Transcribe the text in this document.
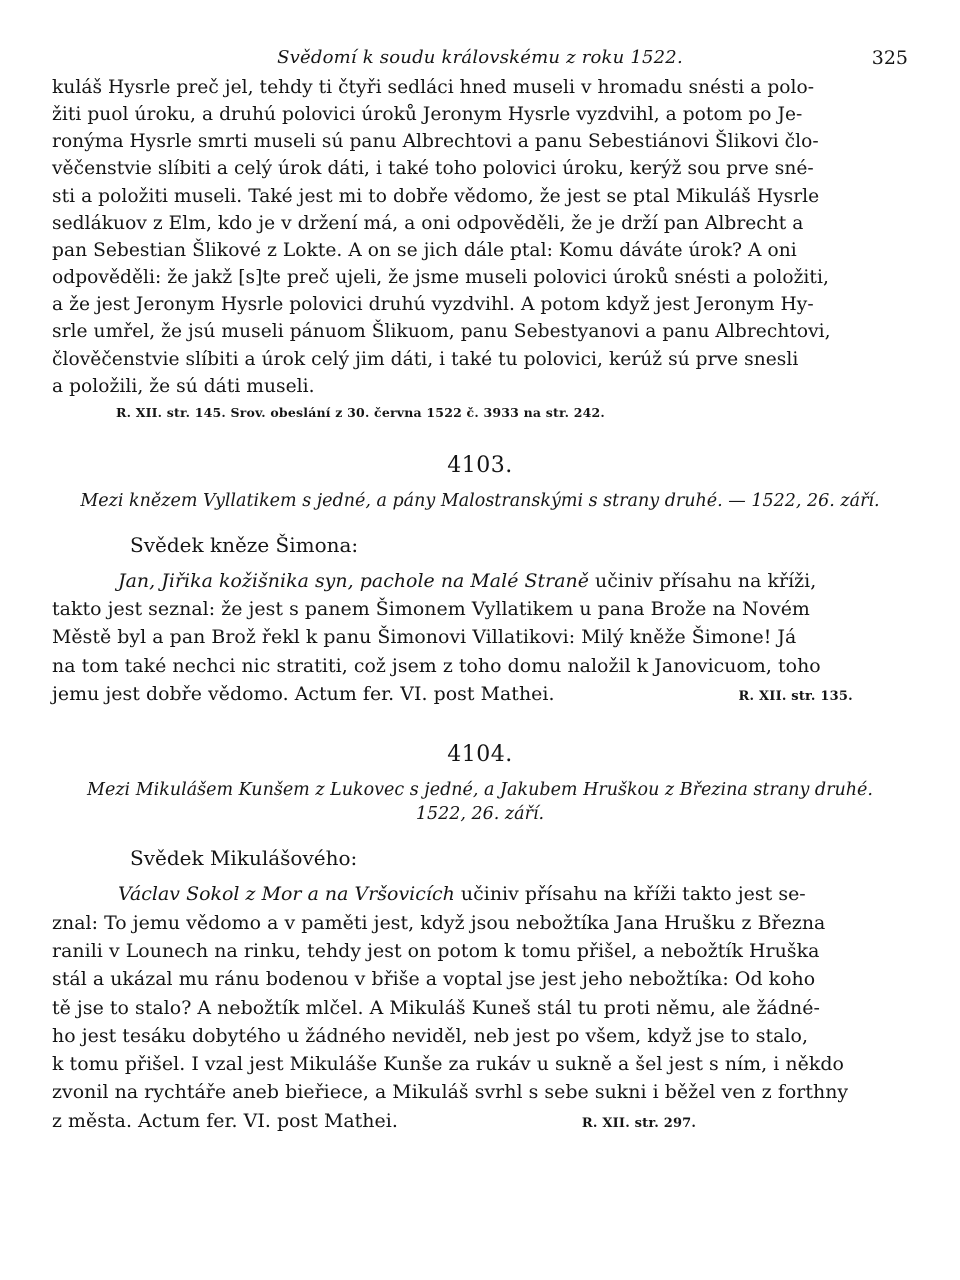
Svědomí k soudu královskému z roku 1522.	325

kuláš Hysrle preč jel, tehdy ti čtyři sedláci hned museli v hromadu snésti a polo-
žiti puol úroku, a druhú polovici úroků Jeronym Hysrle vyzdvihl, a potom po Je-
ronýma Hysrle smrti museli sú panu Albrechtovi a panu Sebestiánovi Šlikovi člo-
věčenstvie slíbiti a celý úrok dáti, i také toho polovici úroku, kerýž sou prve sné-
sti a položiti museli. Také jest mi to dobře vědomo, že jest se ptal Mikuláš Hysrle
sedlákuov z Elm, kdo je v držení má, a oni odpověděli, že je drží pan Albrecht a
pan Sebestian Šlikové z Lokte. A on se jich dále ptal: Komu dáváte úrok? A oni
odpověděli: že jakž [s]te preč ujeli, že jsme museli polovici úroků snésti a položiti,
a že jest Jeronym Hysrle polovici druhú vyzdvihl. A potom když jest Jeronym Hy-
srle umřel, že jsú museli pánuom Šlikuom, panu Sebestyanovi a panu Albrechtovi,
člověčenstvie slíbiti a úrok celý jim dáti, i také tu polovici, kerúž sú prve snesli
a položili, že sú dáti museli.

R. XII. str. 145. Srov. obeslání z 30. června 1522 č. 3933 na str. 242.
4103.
Mezi knězem Vyllatikem s jedné, a pány Malostranskými s strany druhé. — 1522, 26. září.
Svědek kněze Šimona:

Jan, Jiřika kožišnika syn, pachole na Malé Straně učiniv přísahu na kříži,
takto jest seznal: že jest s panem Šimonem Vyllatikem u pana Brože na Novém
Městě byl a pan Brož řekl k panu Šimonovi Villatikovi: Milý kněže Šimone! Já
na tom také nechci nic stratiti, což jsem z toho domu naložil k Janovicuom, toho
jemu jest dobře vědomo. Actum fer. VI. post Mathei.	R. XII. str. 135.

4104.
Mezi Mikulášem Kunšem z Lukovec s jedné, a Jakubem Hruškou z Březina strany druhé.
1522, 26. září.
Svědek Mikulášového:

Václav Sokol z Mor a na Vršovicích učiniv přísahu na kříži takto jest se-
znal: To jemu vědomo a v paměti jest, když jsou nebožtíka Jana Hrušku z Března
ranili v Lounech na rinku, tehdy jest on potom k tomu přišel, a nebožtík Hruška
stál a ukázal mu ránu bodenou v břiše a voptal jse jest jeho nebožtíka: Od koho
tě jse to stalo? A nebožtík mlčel. A Mikuláš Kuneš stál tu proti němu, ale žádné-
ho jest tesáku dobytého u žádného neviděl, neb jest po všem, když jse to stalo,
k tomu přišel. I vzal jest Mikuláše Kunše za rukáv u sukně a šel jest s ním, i někdo
zvonil na rychtáře aneb bieřiece, a Mikuláš svrhl s sebe sukni i běžel ven z forthny
z města. Actum fer. VI. post Mathei.	R. XII. str. 297.
